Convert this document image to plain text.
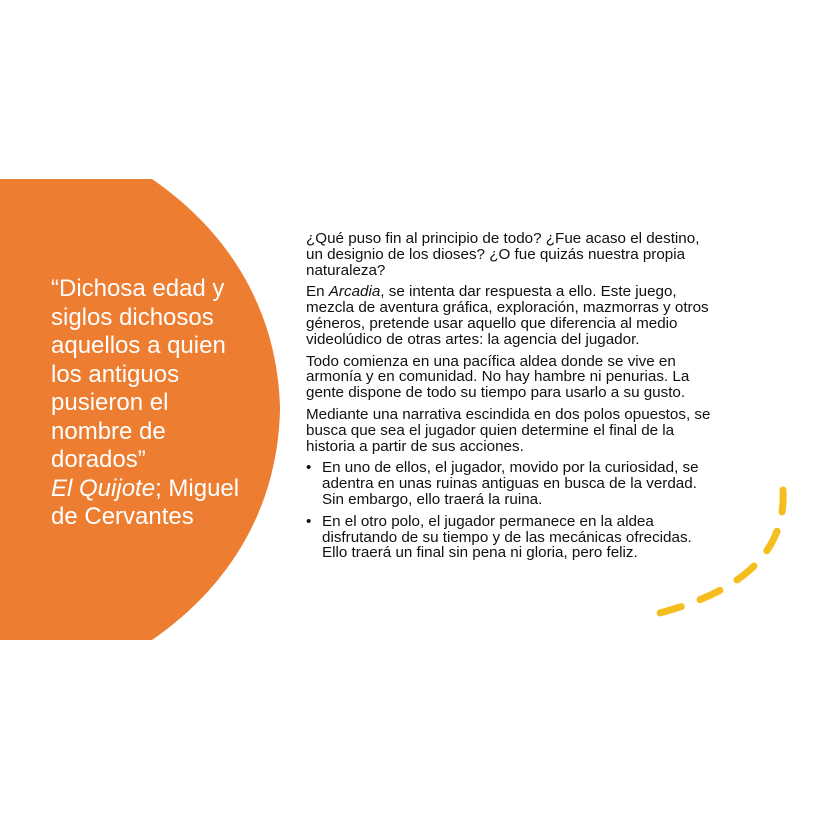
“Dichosa edad y
siglos dichosos
aquellos a quien
los antiguos
pusieron el
nombre de
dorados”
El Quijote; Miguel
de Cervantes
¿Qué puso fin al principio de todo? ¿Fue acaso el destino,
un designio de los dioses? ¿O fue quizás nuestra propia
naturaleza?
En Arcadia, se intenta dar respuesta a ello. Este juego,
mezcla de aventura gráfica, exploración, mazmorras y otros
géneros, pretende usar aquello que diferencia al medio
videolúdico de otras artes: la agencia del jugador.
Todo comienza en una pacífica aldea donde se vive en
armonía y en comunidad. No hay hambre ni penurias. La
gente dispone de todo su tiempo para usarlo a su gusto.
Mediante una narrativa escindida en dos polos opuestos, se
busca que sea el jugador quien determine el final de la
historia a partir de sus acciones.
• En uno de ellos, el jugador, movido por la curiosidad, se
adentra en unas ruinas antiguas en busca de la verdad.
Sin embargo, ello traerá la ruina.
• En el otro polo, el jugador permanece en la aldea
disfrutando de su tiempo y de las mecánicas ofrecidas.
Ello traerá un final sin pena ni gloria, pero feliz.
